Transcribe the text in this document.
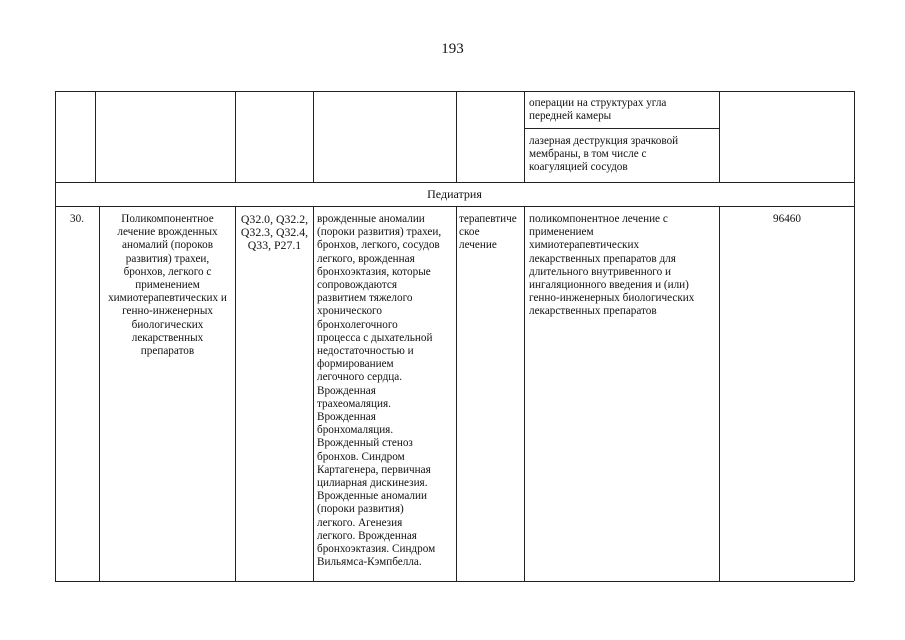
193
операции на структурах угла
передней камеры
лазерная деструкция зрачковой
мембраны, в том числе с
коагуляцией сосудов
Педиатрия
30.	Поликомпонентное
лечение врожденных
аномалий (пороков
развития) трахеи,
бронхов, легкого с
применением
химиотерапевтических и
генно-инженерных
биологических
лекарственных
препаратов
Q32.0, Q32.2,
Q32.3, Q32.4,
Q33, P27.1
врожденные аномалии
(пороки развития) трахеи,
бронхов, легкого, сосудов
легкого, врожденная
бронхоэктазия, которые
сопровождаются
развитием тяжелого
хронического
бронхолегочного
процесса с дыхательной
недостаточностью и
формированием
легочного сердца.
Врожденная
трахеомаляция.
Врожденная
бронхомаляция.
Врожденный стеноз
бронхов. Синдром
Картагенера, первичная
цилиарная дискинезия.
Врожденные аномалии
(пороки развития)
легкого. Агенезия
легкого. Врожденная
бронхоэктазия. Синдром
Вильямса-Кэмпбелла.
терапевтиче
ское
лечение
поликомпонентное лечение с
применением
химиотерапевтических
лекарственных препаратов для
длительного внутривенного и
ингаляционного введения и (или)
генно-инженерных биологических
лекарственных препаратов
96460
